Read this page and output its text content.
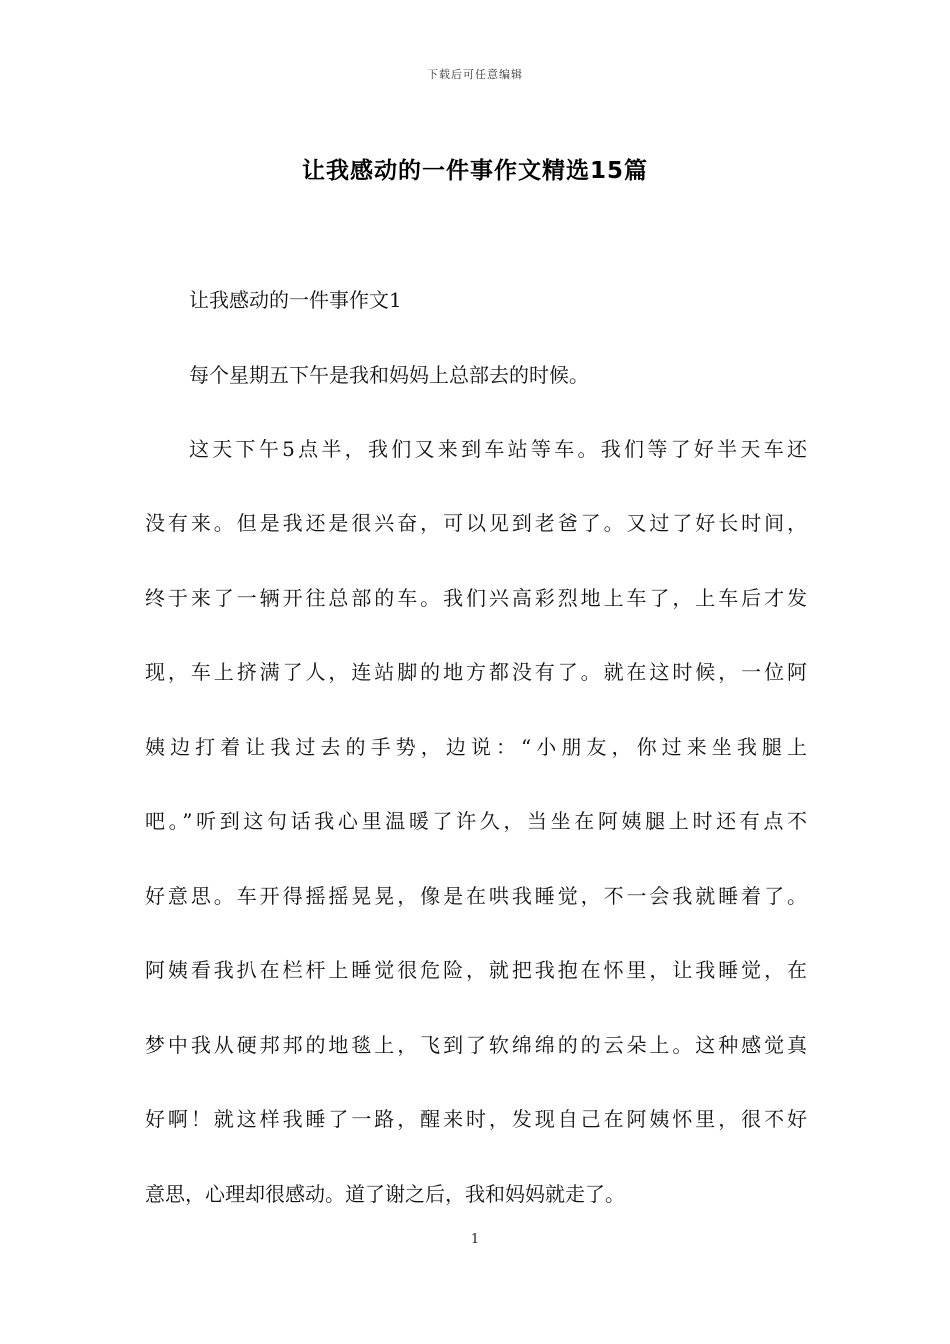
下载后可任意编辑
让我感动的一件事作文精选15篇
让我感动的一件事作文1
每个星期五下午是我和妈妈上总部去的时候。
这天下午5点半，我们又来到车站等车。我们等了好半天车还
没有来。但是我还是很兴奋，可以见到老爸了。又过了好长时间，
终于来了一辆开往总部的车。我们兴高彩烈地上车了，上车后才发
现，车上挤满了人，连站脚的地方都没有了。就在这时候，一位阿
姨边打着让我过去的手势，边说：“小朋友，你过来坐我腿上
吧。”听到这句话我心里温暖了许久，当坐在阿姨腿上时还有点不
好意思。车开得摇摇晃晃，像是在哄我睡觉，不一会我就睡着了。
阿姨看我扒在栏杆上睡觉很危险，就把我抱在怀里，让我睡觉，在
梦中我从硬邦邦的地毯上，飞到了软绵绵的的云朵上。这种感觉真
好啊！就这样我睡了一路，醒来时，发现自己在阿姨怀里，很不好
意思，心理却很感动。道了谢之后，我和妈妈就走了。
1
